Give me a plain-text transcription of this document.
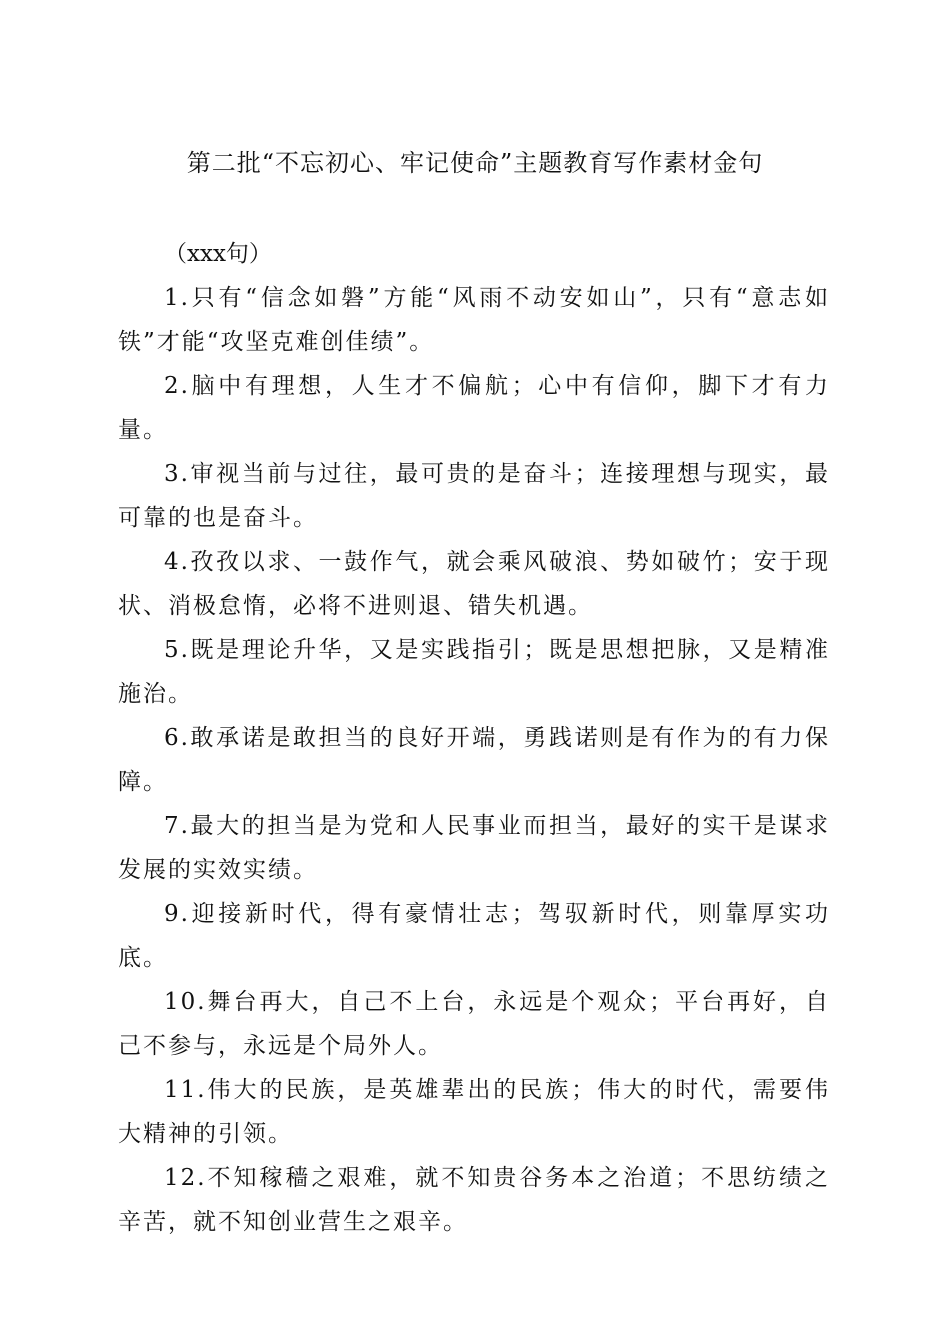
第二批“不忘初心、牢记使命”主题教育写作素材金句

（xxx句）

1.只有“信念如磐”方能“风雨不动安如山”，只有“意志如铁”才能“攻坚克难创佳绩”。

2.脑中有理想，人生才不偏航；心中有信仰，脚下才有力量。

3.审视当前与过往，最可贵的是奋斗；连接理想与现实，最可靠的也是奋斗。

4.孜孜以求、一鼓作气，就会乘风破浪、势如破竹；安于现状、消极怠惰，必将不进则退、错失机遇。

5.既是理论升华，又是实践指引；既是思想把脉，又是精准施治。

6.敢承诺是敢担当的良好开端，勇践诺则是有作为的有力保障。

7.最大的担当是为党和人民事业而担当，最好的实干是谋求发展的实效实绩。

9.迎接新时代，得有豪情壮志；驾驭新时代，则靠厚实功底。

10.舞台再大，自己不上台，永远是个观众；平台再好，自己不参与，永远是个局外人。

11.伟大的民族，是英雄辈出的民族；伟大的时代，需要伟大精神的引领。

12.不知稼穑之艰难，就不知贵谷务本之治道；不思纺绩之辛苦，就不知创业营生之艰辛。
